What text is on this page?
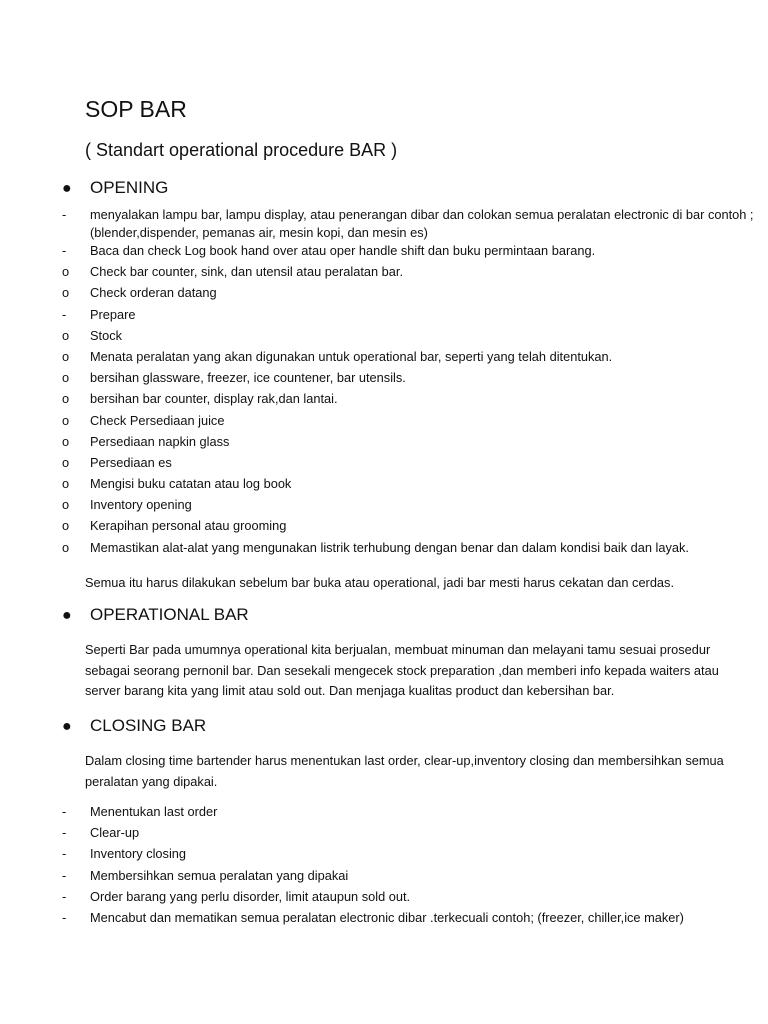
SOP BAR
( Standart operational procedure BAR )
● OPENING
-	menyalakan lampu bar, lampu display, atau penerangan dibar dan colokan semua peralatan electronic di bar contoh ; (blender,dispender, pemanas air, mesin kopi, dan mesin es)
-	Baca dan check Log book hand over atau oper handle shift dan buku permintaan barang.
o	Check bar counter, sink, dan utensil atau peralatan bar.
o	Check orderan datang
-	Prepare
o	Stock
o	Menata peralatan yang akan digunakan untuk operational bar, seperti yang telah ditentukan.
o	bersihan glassware, freezer, ice countener, bar utensils.
o	bersihan bar counter, display rak,dan lantai.
o	Check Persediaan juice
o	Persediaan napkin glass
o	Persediaan es
o	Mengisi buku catatan atau log book
o	Inventory opening
o	Kerapihan personal atau grooming
o	Memastikan alat-alat yang mengunakan listrik terhubung dengan benar dan dalam kondisi baik dan layak.
Semua itu harus dilakukan sebelum bar buka atau operational, jadi bar mesti harus cekatan dan cerdas.
● OPERATIONAL BAR
Seperti Bar pada umumnya operational kita berjualan, membuat minuman dan melayani tamu sesuai prosedur sebagai seorang pernonil bar. Dan sesekali mengecek stock preparation ,dan memberi info kepada waiters atau server barang kita yang limit atau sold out. Dan menjaga kualitas product dan kebersihan bar.
● CLOSING BAR
Dalam closing time bartender harus menentukan last order, clear-up,inventory closing dan membersihkan semua peralatan yang dipakai.
-	Menentukan last order
-	Clear-up
-	Inventory closing
-	Membersihkan semua peralatan yang dipakai
-	Order barang yang perlu disorder, limit ataupun sold out.
-	Mencabut dan mematikan semua peralatan electronic dibar .terkecuali contoh; (freezer, chiller,ice maker)
